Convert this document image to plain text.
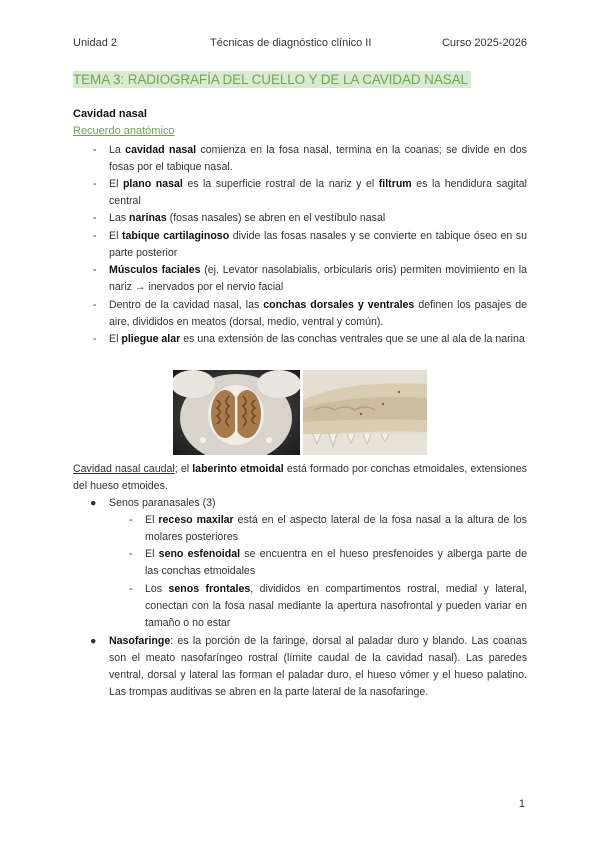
Unidad 2	Técnicas de diagnóstico clínico II	Curso 2025-2026
TEMA 3: RADIOGRAFÍA DEL CUELLO Y DE LA CAVIDAD NASAL
Cavidad nasal
Recuerdo anatómico
- La cavidad nasal comienza en la fosa nasal, termina en la coanas; se divide en dos fosas por el tabique nasal.
- El plano nasal es la superficie rostral de la nariz y el filtrum es la hendidura sagital central
- Las narinas (fosas nasales) se abren en el vestíbulo nasal
- El tabique cartilaginoso divide las fosas nasales y se convierte en tabique óseo en su parte posterior
- Músculos faciales (ej. Levator nasolabialis, orbicularis oris) permiten movimiento en la nariz → inervados por el nervio facial
- Dentro de la cavidad nasal, las conchas dorsales y ventrales definen los pasajes de aire, divididos en meatos (dorsal, medio, ventral y común).
- El pliegue alar es una extensión de las conchas ventrales que se une al ala de la narina
Cavidad nasal caudal; el laberinto etmoidal está formado por conchas etmoidales, extensiones del hueso etmoides.
● Senos paranasales (3)
- El receso maxilar está en el aspecto lateral de la fosa nasal a la altura de los molares posteriores
- El seno esfenoidal se encuentra en el hueso presfenoides y alberga parte de las conchas etmoidales
- Los senos frontales, divididos en compartimentos rostral, medial y lateral, conectan con la fosa nasal mediante la apertura nasofrontal y pueden variar en tamaño o no estar
● Nasofaringe: es la porción de la faringe, dorsal al paladar duro y blando. Las coanas son el meato nasofaríngeo rostral (límite caudal de la cavidad nasal). Las paredes ventral, dorsal y lateral las forman el paladar duro, el hueso vómer y el hueso palatino. Las trompas auditivas se abren en la parte lateral de la nasofaringe.
1
